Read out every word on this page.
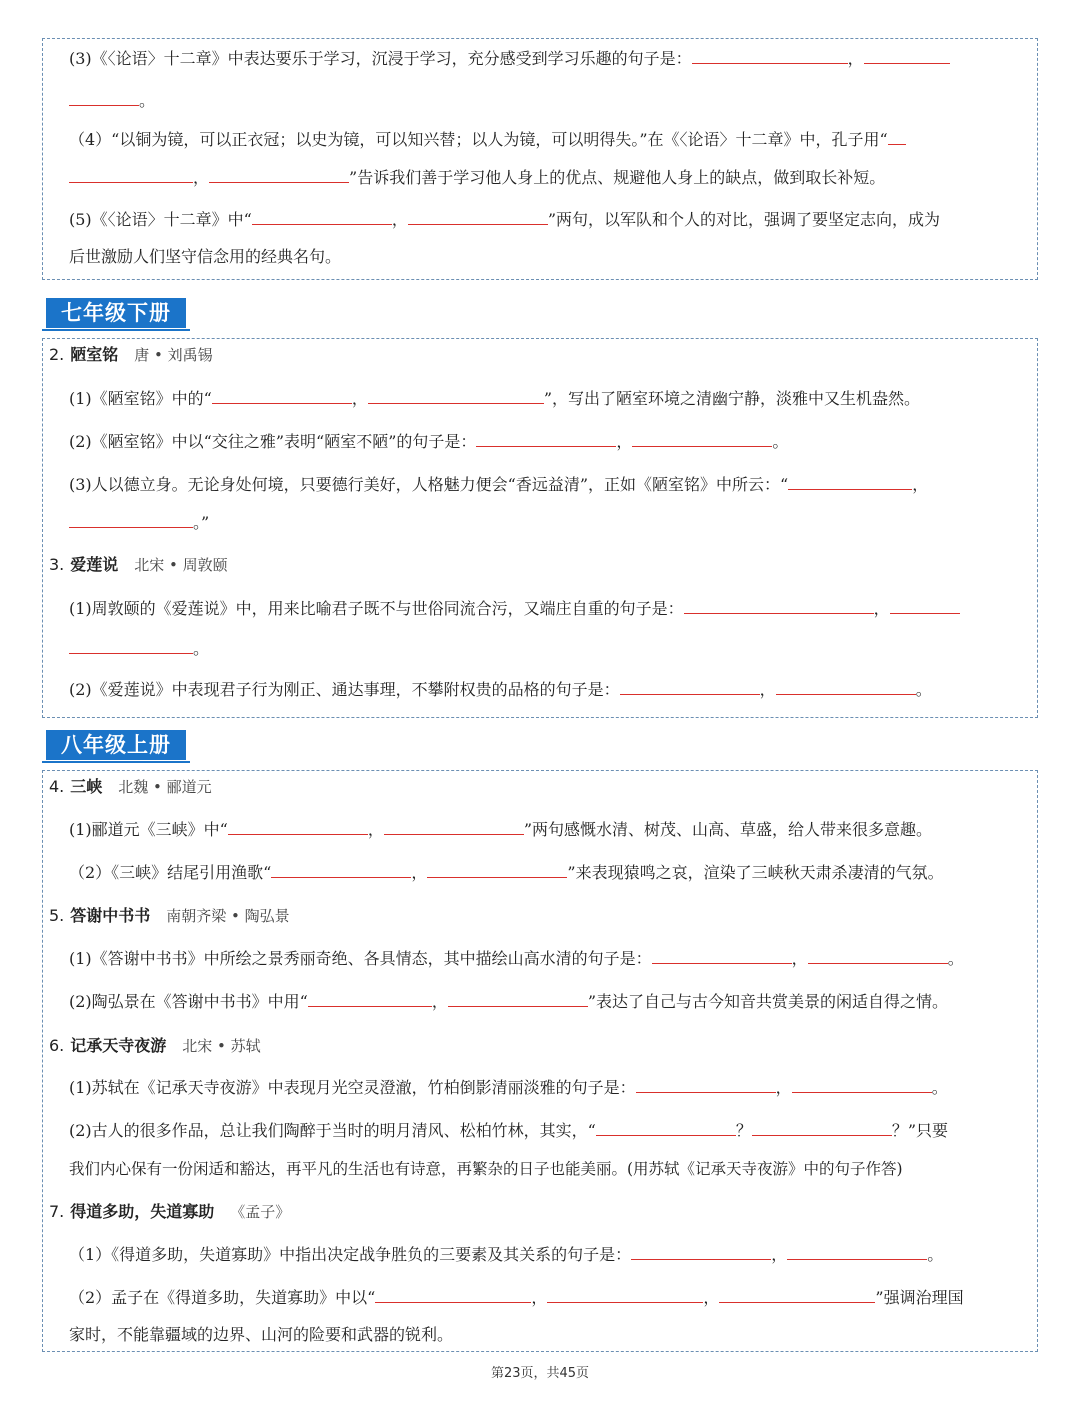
(3)《〈论语〉十二章》中表达要乐于学习，沉浸于学习，充分感受到学习乐趣的句子是：	，
。
（4）“以铜为镜，可以正衣冠；以史为镜，可以知兴替；以人为镜，可以明得失。”在《〈论语〉十二章》中，孔子用“
，	”告诉我们善于学习他人身上的优点、规避他人身上的缺点，做到取长补短。
(5)《〈论语〉十二章》中“	，	”两句，以军队和个人的对比，强调了要坚定志向，成为
后世激励人们坚守信念用的经典名句。
七年级下册
2. 陋室铭 唐 • 刘禹锡
(1)《陋室铭》中的“	，	”，写出了陋室环境之清幽宁静，淡雅中又生机盎然。
(2)《陋室铭》中以“交往之雅”表明“陋室不陋”的句子是：	，	。
(3)人以德立身。无论身处何境，只要德行美好，人格魅力便会“香远益清”，正如《陋室铭》中所云：“	，
。”
3. 爱莲说 北宋 • 周敦颐
(1)周敦颐的《爱莲说》中，用来比喻君子既不与世俗同流合污，又端庄自重的句子是：	，
。
(2)《爱莲说》中表现君子行为刚正、通达事理，不攀附权贵的品格的句子是：	，	。
八年级上册
4. 三峡 北魏 • 郦道元
(1)郦道元《三峡》中“	，	”两句感慨水清、树茂、山高、草盛，给人带来很多意趣。
（2）《三峡》结尾引用渔歌“	，	”来表现猿鸣之哀，渲染了三峡秋天肃杀凄清的气氛。
5. 答谢中书书 南朝齐梁 • 陶弘景
(1)《答谢中书书》中所绘之景秀丽奇绝、各具情态，其中描绘山高水清的句子是：	，	。
(2)陶弘景在《答谢中书书》中用“	，	”表达了自己与古今知音共赏美景的闲适自得之情。
6. 记承天寺夜游 北宋 • 苏轼
(1)苏轼在《记承天寺夜游》中表现月光空灵澄澈，竹柏倒影清丽淡雅的句子是：	，	。
(2)古人的很多作品，总让我们陶醉于当时的明月清风、松柏竹林，其实，“	？	？”只要
我们内心保有一份闲适和豁达，再平凡的生活也有诗意，再繁杂的日子也能美丽。(用苏轼《记承天寺夜游》中的句子作答)
7. 得道多助，失道寡助 《孟子》
（1）《得道多助，失道寡助》中指出决定战争胜负的三要素及其关系的句子是：	，	。
（2）孟子在《得道多助，失道寡助》中以“	，	，	”强调治理国
家时，不能靠疆域的边界、山河的险要和武器的锐利。
第23页，共45页
